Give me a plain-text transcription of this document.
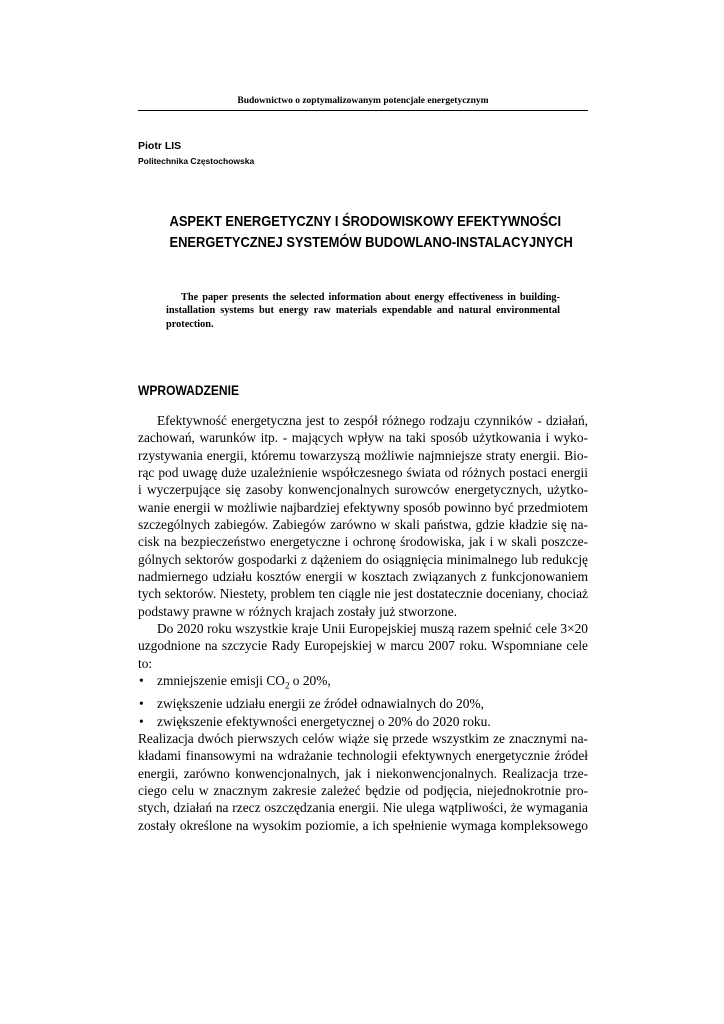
Budownictwo o zoptymalizowanym potencjale energetycznym
Piotr LIS
Politechnika Częstochowska
ASPEKT ENERGETYCZNY I ŚRODOWISKOWY EFEKTYWNOŚCI
ENERGETYCZNEJ SYSTEMÓW BUDOWLANO-INSTALACYJNYCH
The paper presents the selected information about energy effectiveness in building-installation systems but energy raw materials expendable and natural environmental protection.
WPROWADZENIE
Efektywność energetyczna jest to zespół różnego rodzaju czynników - działań,
zachowań, warunków itp. - mających wpływ na taki sposób użytkowania i wyko-
rzystywania energii, któremu towarzyszą możliwie najmniejsze straty energii. Bio-
rąc pod uwagę duże uzależnienie współczesnego świata od różnych postaci energii
i wyczerpujące się zasoby konwencjonalnych surowców energetycznych, użytko-
wanie energii w możliwie najbardziej efektywny sposób powinno być przedmiotem
szczególnych zabiegów. Zabiegów zarówno w skali państwa, gdzie kładzie się na-
cisk na bezpieczeństwo energetyczne i ochronę środowiska, jak i w skali poszcze-
gólnych sektorów gospodarki z dążeniem do osiągnięcia minimalnego lub redukcję
nadmiernego udziału kosztów energii w kosztach związanych z funkcjonowaniem
tych sektorów. Niestety, problem ten ciągle nie jest dostatecznie doceniany, chociaż
podstawy prawne w różnych krajach zostały już stworzone.
Do 2020 roku wszystkie kraje Unii Europejskiej muszą razem spełnić cele 3×20
uzgodnione na szczycie Rady Europejskiej w marcu 2007 roku. Wspomniane cele
to:
• zmniejszenie emisji $CO_2$ o 20%,
• zwiększenie udziału energii ze źródeł odnawialnych do 20%,
• zwiększenie efektywności energetycznej o 20% do 2020 roku.
Realizacja dwóch pierwszych celów wiąże się przede wszystkim ze znacznymi na-
kładami finansowymi na wdrażanie technologii efektywnych energetycznie źródeł
energii, zarówno konwencjonalnych, jak i niekonwencjonalnych. Realizacja trze-
ciego celu w znacznym zakresie zależeć będzie od podjęcia, niejednokrotnie pro-
stych, działań na rzecz oszczędzania energii. Nie ulega wątpliwości, że wymagania
zostały określone na wysokim poziomie, a ich spełnienie wymaga kompleksowego
